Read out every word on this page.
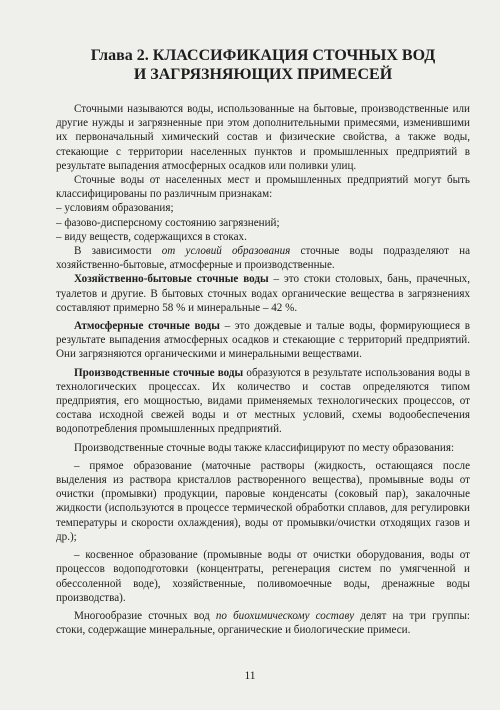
Глава 2. КЛАССИФИКАЦИЯ СТОЧНЫХ ВОД
И ЗАГРЯЗНЯЮЩИХ ПРИМЕСЕЙ

Сточными называются воды, использованные на бытовые, производственные или другие нужды и загрязненные при этом дополнительными примесями, изменившими их первоначальный химический состав и физические свойства, а также воды, стекающие с территории населенных пунктов и промышленных предприятий в результате выпадения атмосферных осадков или поливки улиц.

Сточные воды от населенных мест и промышленных предприятий могут быть классифицированы по различным признакам:

– условиям образования;

– фазово-дисперсному состоянию загрязнений;

– виду веществ, содержащихся в стоках.

В зависимости от условий образования сточные воды подразделяют на хозяйственно-бытовые, атмосферные и производственные.

Хозяйственно-бытовые сточные воды – это стоки столовых, бань, прачечных, туалетов и другие. В бытовых сточных водах органические вещества в загрязнениях составляют примерно 58 % и минеральные – 42 %.

Атмосферные сточные воды – это дождевые и талые воды, формирующиеся в результате выпадения атмосферных осадков и стекающие с территорий предприятий. Они загрязняются органическими и минеральными веществами.

Производственные сточные воды образуются в результате использования воды в технологических процессах. Их количество и состав определяются типом предприятия, его мощностью, видами применяемых технологических процессов, от состава исходной свежей воды и от местных условий, схемы водообеспечения водопотребления промышленных предприятий.

Производственные сточные воды также классифицируют по месту образования:

– прямое образование (маточные растворы (жидкость, остающаяся после выделения из раствора кристаллов растворенного вещества), промывные воды от очистки (промывки) продукции, паровые конденсаты (соковый пар), закалочные жидкости (используются в процессе термической обработки сплавов, для регулировки температуры и скорости охлаждения), воды от промывки/очистки отходящих газов и др.);

– косвенное образование (промывные воды от очистки оборудования, воды от процессов водоподготовки (концентраты, регенерация систем по умягченной и обессоленной воде), хозяйственные, поливомоечные воды, дренажные воды производства).

Многообразие сточных вод по биохимическому составу делят на три группы: стоки, содержащие минеральные, органические и биологические примеси.

11
